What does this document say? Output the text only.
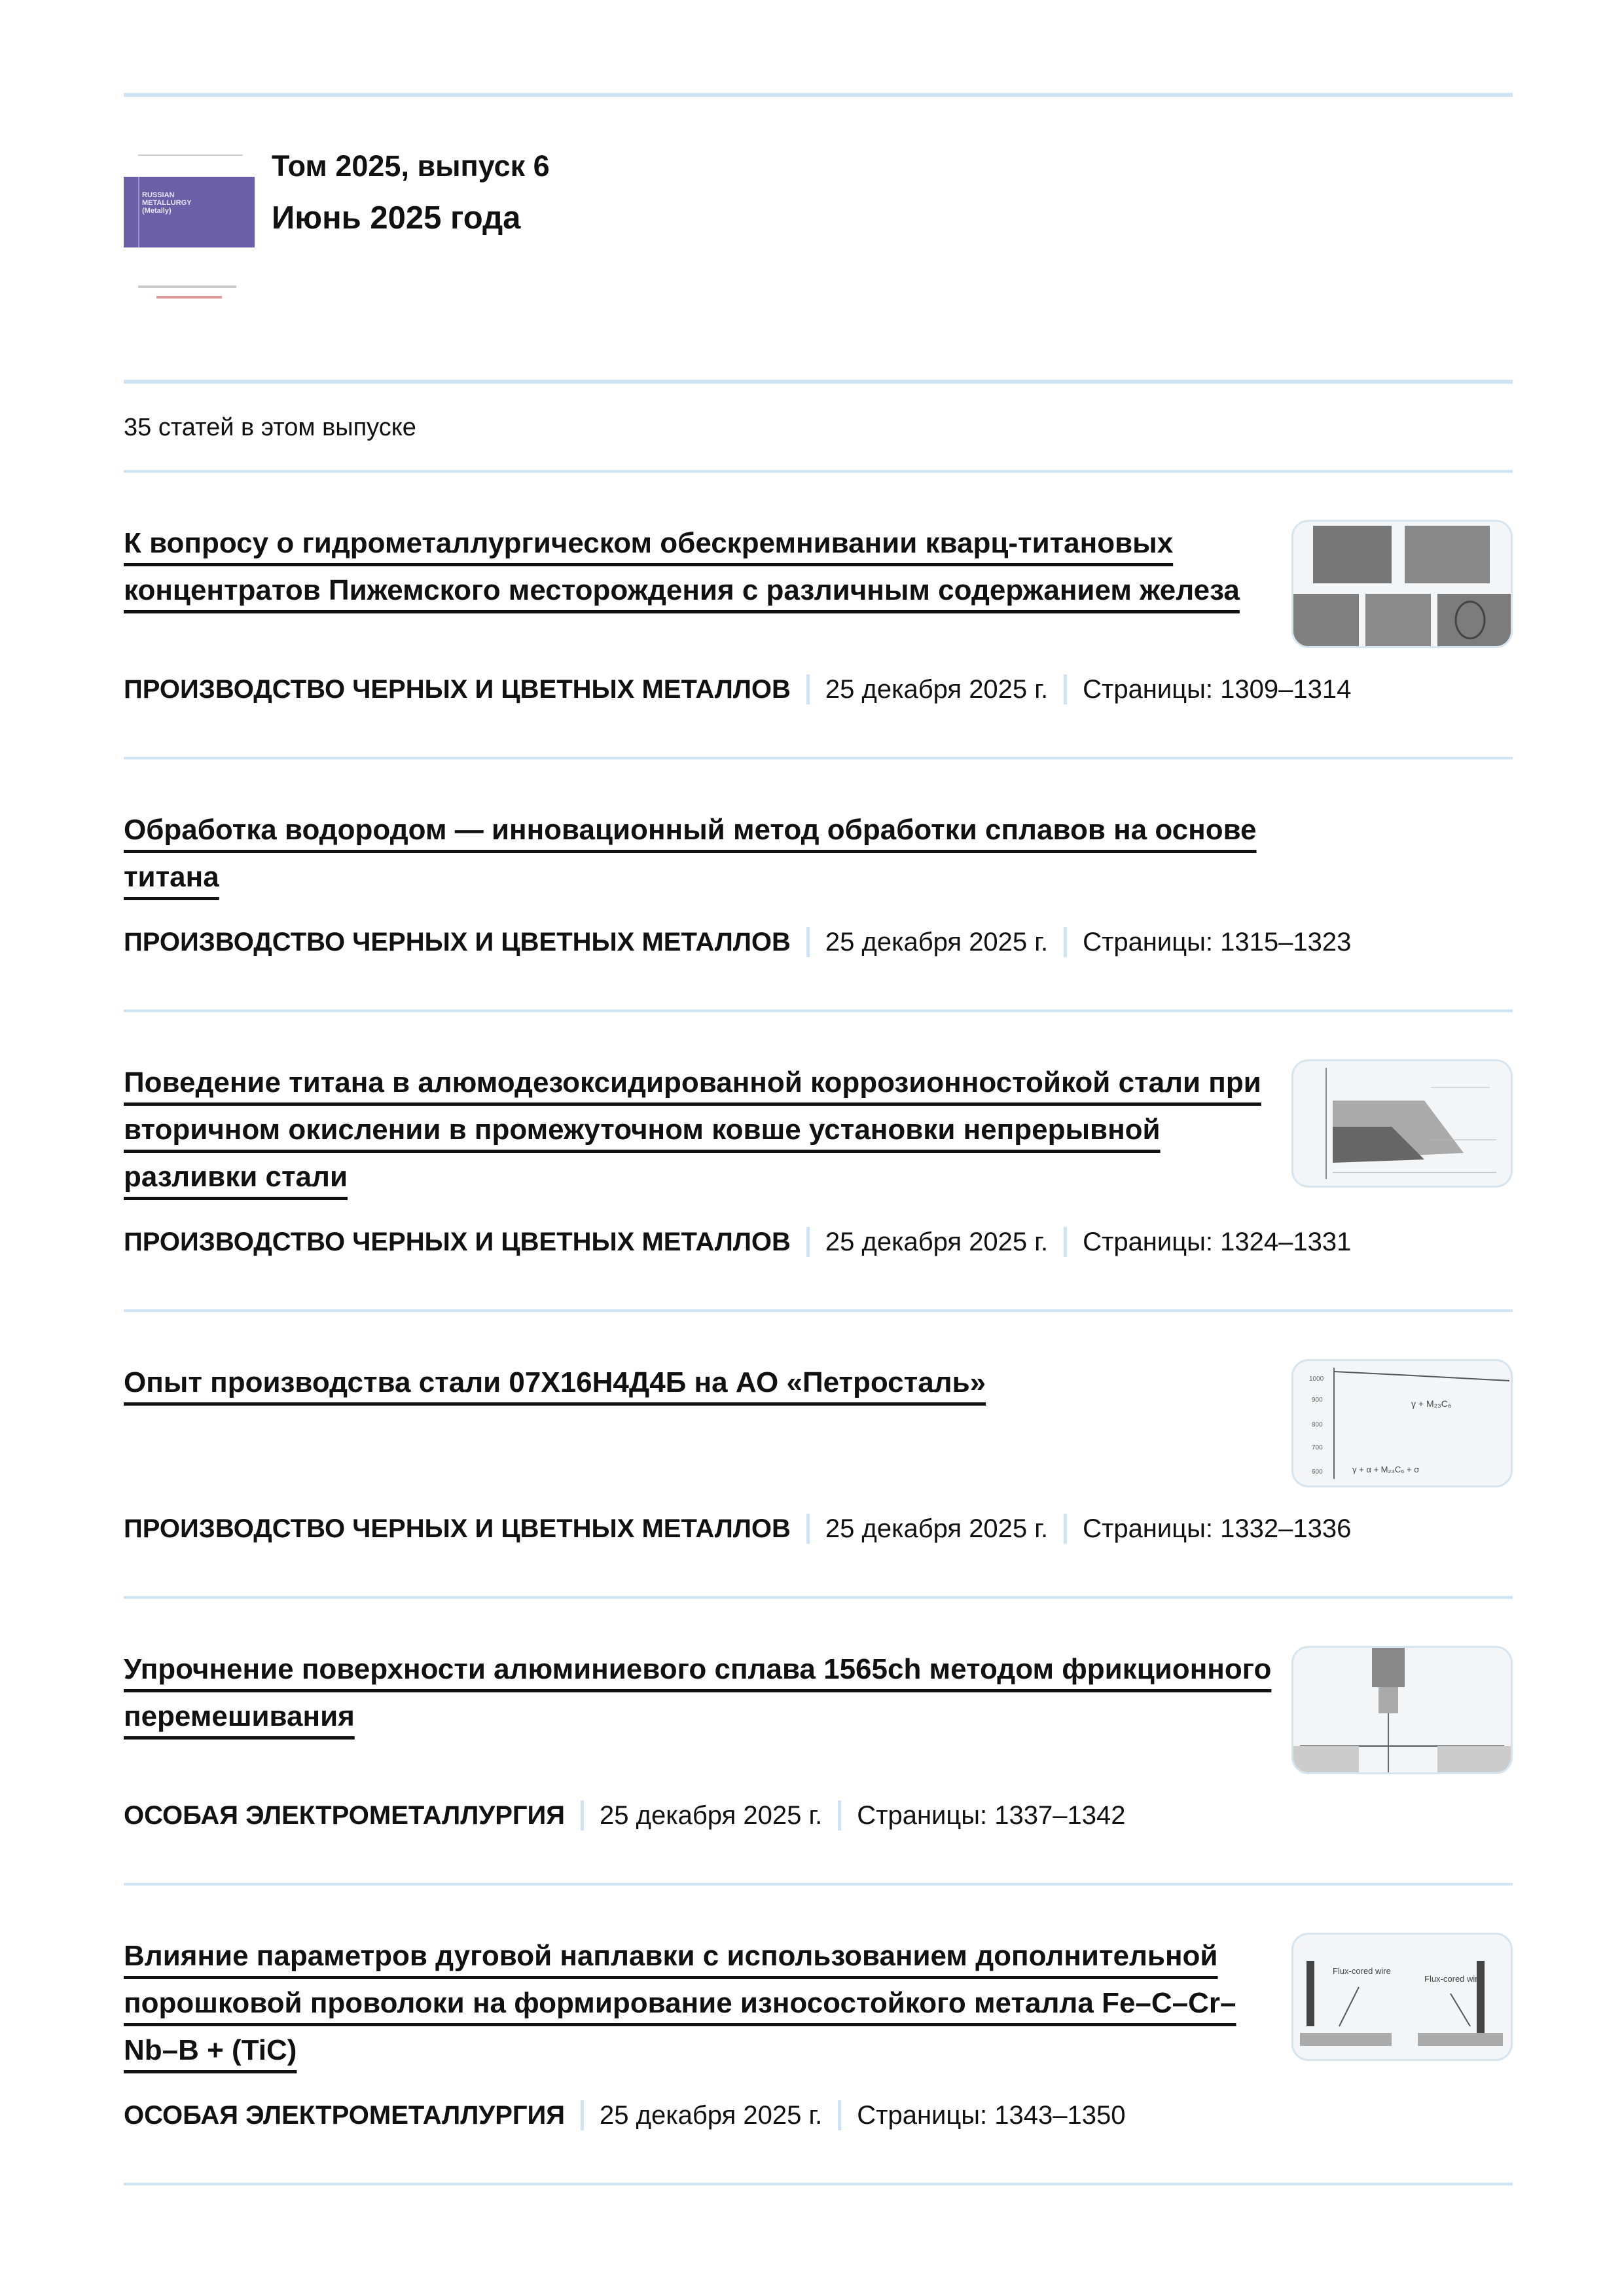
RUSSIAN
METALLURGY
(Metally)
Том 2025, выпуск 6
Июнь 2025 года
35 статей в этом выпуске
К вопросу о гидрометаллургическом обескремнивании кварц-титановых концентратов Пижемского месторождения с различным содержанием железа
ПРОИЗВОДСТВО ЧЕРНЫХ И ЦВЕТНЫХ МЕТАЛЛОВ 25 декабря 2025 г. Страницы: 1309–1314
Обработка водородом — инновационный метод обработки сплавов на основе титана
ПРОИЗВОДСТВО ЧЕРНЫХ И ЦВЕТНЫХ МЕТАЛЛОВ 25 декабря 2025 г. Страницы: 1315–1323
Поведение титана в алюмодезоксидированной коррозионностойкой стали при вторичном окислении в промежуточном ковше установки непрерывной разливки стали
ПРОИЗВОДСТВО ЧЕРНЫХ И ЦВЕТНЫХ МЕТАЛЛОВ 25 декабря 2025 г. Страницы: 1324–1331
Опыт производства стали 07Х16Н4Д4Б на АО «Петросталь»
γ + M₂₃C₆
γ + α + M₂₃C₆ + σ
1000
900
800
700
600
ПРОИЗВОДСТВО ЧЕРНЫХ И ЦВЕТНЫХ МЕТАЛЛОВ 25 декабря 2025 г. Страницы: 1332–1336
Упрочнение поверхности алюминиевого сплава 1565ch методом фрикционного перемешивания
ОСОБАЯ ЭЛЕКТРОМЕТАЛЛУРГИЯ 25 декабря 2025 г. Страницы: 1337–1342
Влияние параметров дуговой наплавки с использованием дополнительной порошковой проволоки на формирование износостойкого металла Fe–C–Cr–Nb–B + (TiC)
Flux-cored wire
Flux-cored wire
ОСОБАЯ ЭЛЕКТРОМЕТАЛЛУРГИЯ 25 декабря 2025 г. Страницы: 1343–1350
